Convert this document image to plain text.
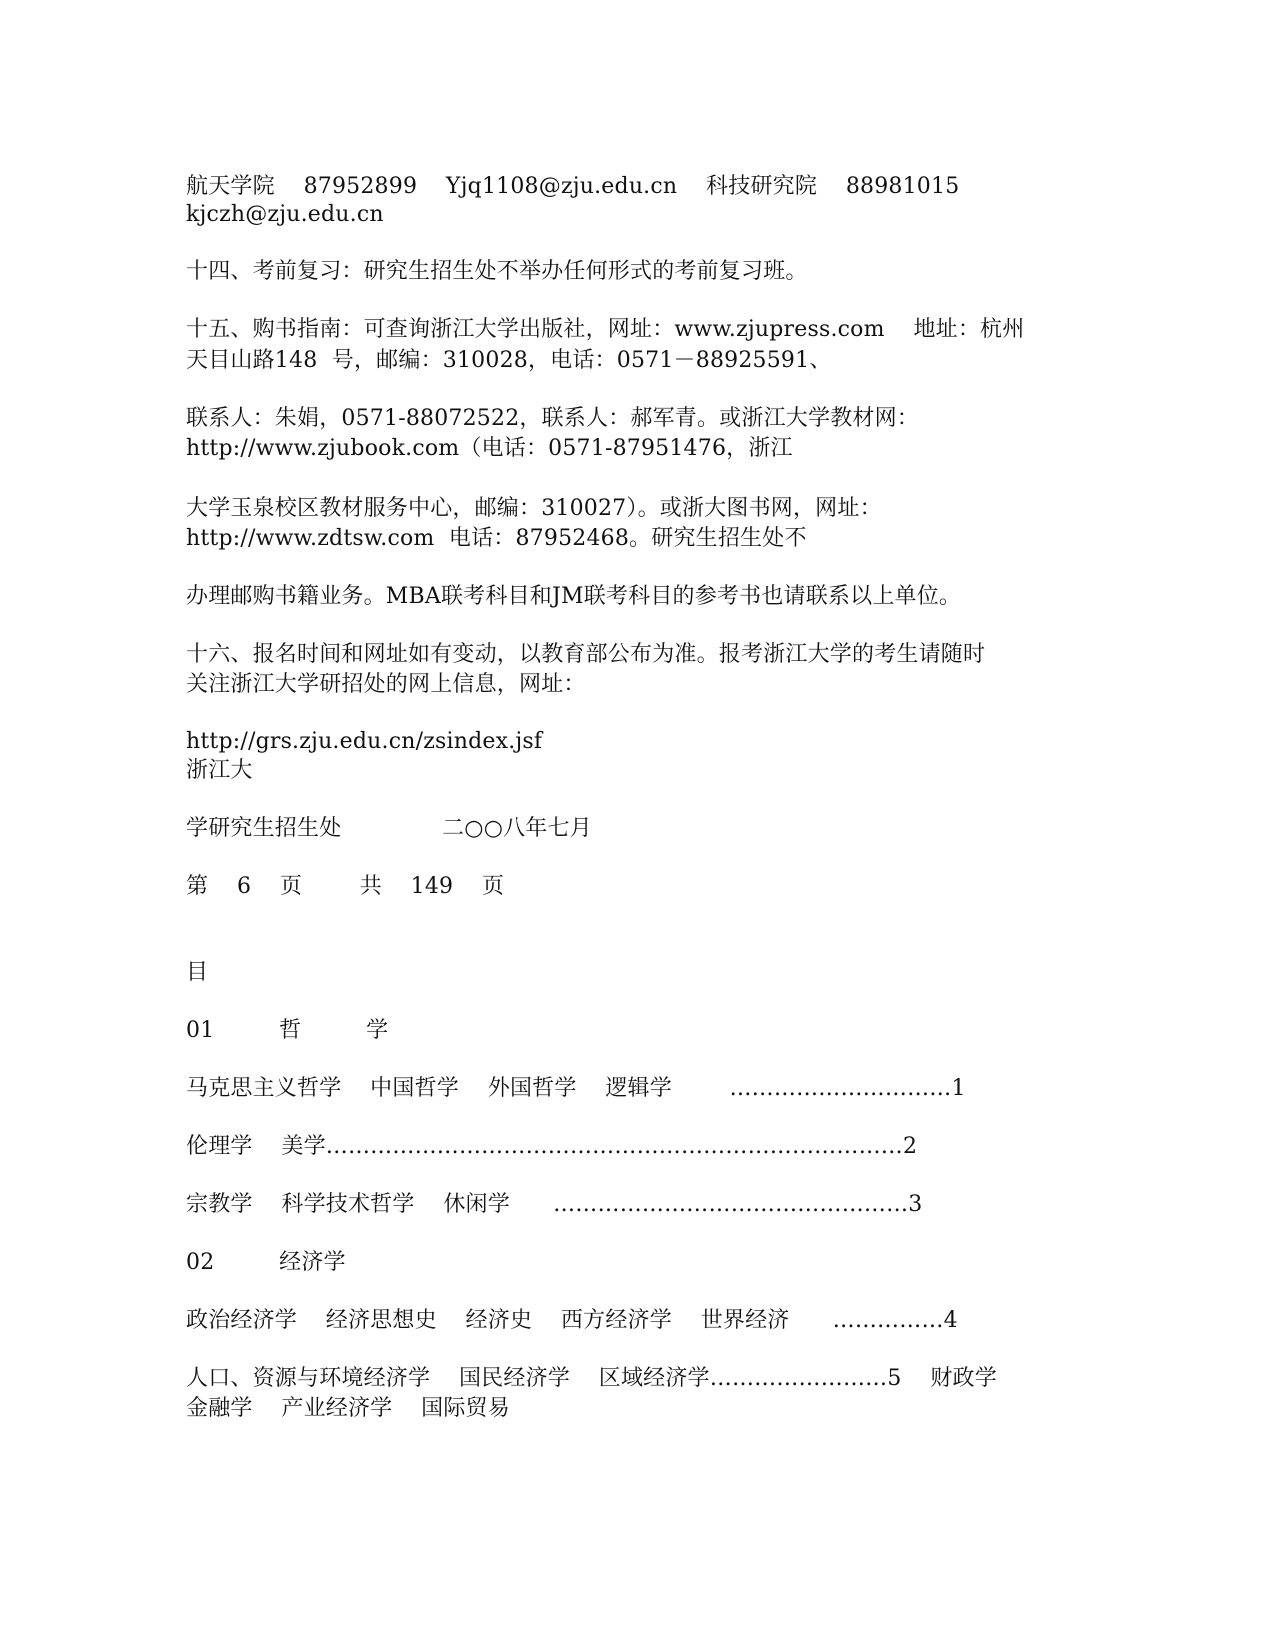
航天学院    87952899    Yjq1108@zju.edu.cn    科技研究院    88981015
kjczh@zju.edu.cn
十四、考前复习：研究生招生处不举办任何形式的考前复习班。
十五、购书指南：可查询浙江大学出版社，网址：www.zjupress.com    地址：杭州
天目山路148  号，邮编：310028，电话：0571－88925591、
联系人：朱娟，0571-88072522，联系人：郝军青。或浙江大学教材网：
http://www.zjubook.com（电话：0571-87951476，浙江
大学玉泉校区教材服务中心，邮编：310027）。或浙大图书网，网址：
http://www.zdtsw.com  电话：87952468。研究生招生处不
办理邮购书籍业务。MBA联考科目和JM联考科目的参考书也请联系以上单位。
十六、报名时间和网址如有变动，以教育部公布为准。报考浙江大学的考生请随时
关注浙江大学研招处的网上信息，网址：
http://grs.zju.edu.cn/zsindex.jsf
浙江大
学研究生招生处              二○○八年七月
第    6    页        共    149    页
目
01         哲         学
马克思主义哲学    中国哲学    外国哲学    逻辑学        …………………………1
伦理学    美学……………………………………………………………………2
宗教学    科学技术哲学    休闲学      …………………………………………3
02         经济学
政治经济学    经济思想史    经济史    西方经济学    世界经济      ……………4
人口、资源与环境经济学    国民经济学    区域经济学……………………5    财政学
金融学    产业经济学    国际贸易
